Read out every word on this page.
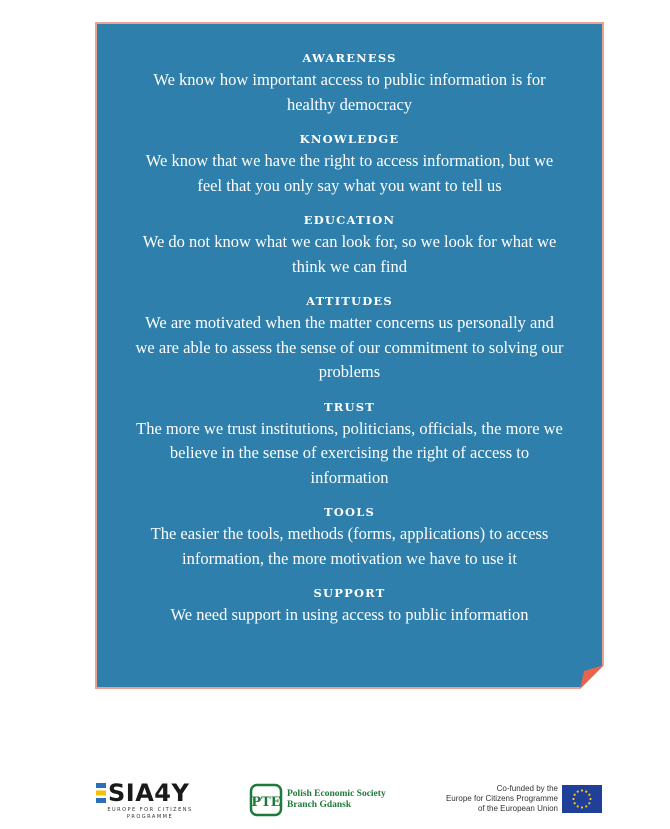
AWARENESS
We know how important access to public information is for healthy democracy
KNOWLEDGE
We know that we have the right to access information, but we feel that you only say what you want to tell us
EDUCATION
We do not know what we can look for, so we look for what we think we can find
ATTITUDES
We are motivated when the matter concerns us personally and we are able to assess the sense of our commitment to solving our problems
TRUST
The more we trust institutions, politicians, officials, the more we believe in the sense of exercising the right of access to information
TOOLS
The easier the tools, methods (forms, applications) to access information, the more motivation we have to use it
SUPPORT
We need support in using access to public information
SIA4Y
EUROPE FOR CITIZENS PROGRAMME
PTE
Polish Economic Society
Branch Gdansk
Co-funded by the
Europe for Citizens Programme
of the European Union
